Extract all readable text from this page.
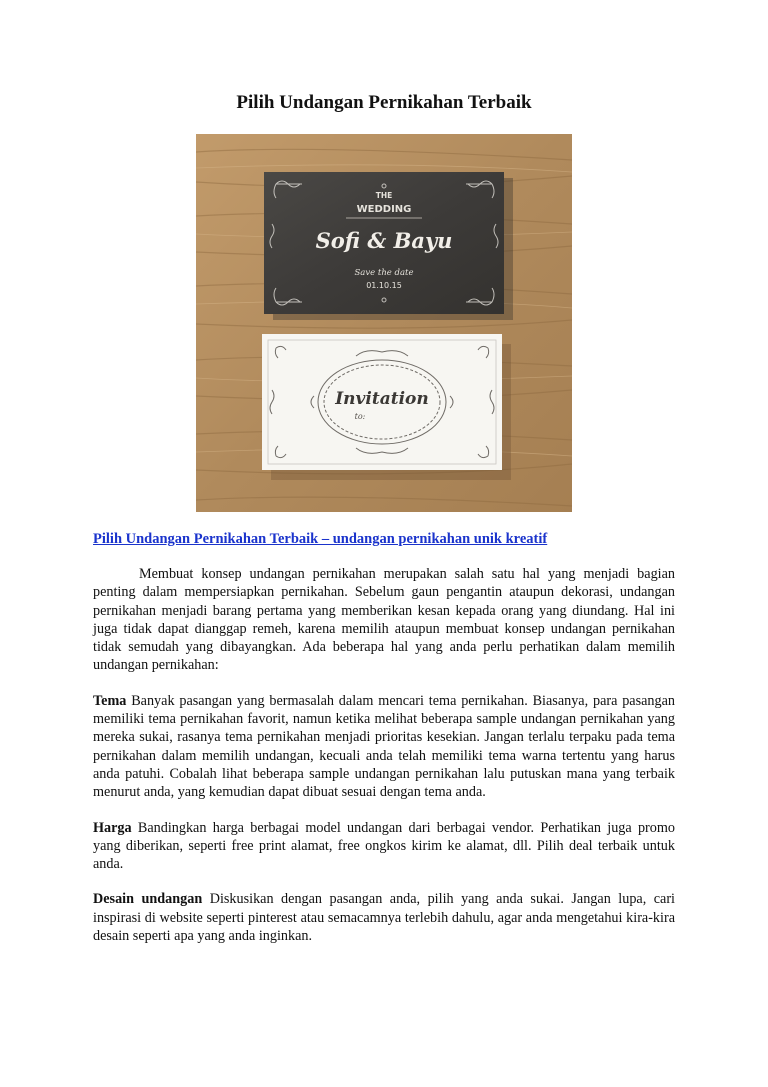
Pilih Undangan Pernikahan Terbaik
THE
WEDDING
Sofi & Bayu
Save the date
01.10.15
Invitation
to:
Pilih Undangan Pernikahan Terbaik – undangan pernikahan unik kreatif

Membuat konsep undangan pernikahan merupakan salah satu hal yang menjadi bagian penting dalam mempersiapkan pernikahan. Sebelum gaun pengantin ataupun dekorasi, undangan pernikahan menjadi barang pertama yang memberikan kesan kepada orang yang diundang. Hal ini juga tidak dapat dianggap remeh, karena memilih ataupun membuat konsep undangan pernikahan tidak semudah yang dibayangkan. Ada beberapa hal yang anda perlu perhatikan dalam memilih undangan pernikahan:

Tema Banyak pasangan yang bermasalah dalam mencari tema pernikahan. Biasanya, para pasangan memiliki tema pernikahan favorit, namun ketika melihat beberapa sample undangan pernikahan yang mereka sukai, rasanya tema pernikahan menjadi prioritas kesekian. Jangan terlalu terpaku pada tema pernikahan dalam memilih undangan, kecuali anda telah memiliki tema warna tertentu yang harus anda patuhi. Cobalah lihat beberapa sample undangan pernikahan lalu putuskan mana yang terbaik menurut anda, yang kemudian dapat dibuat sesuai dengan tema anda.

Harga Bandingkan harga berbagai model undangan dari berbagai vendor. Perhatikan juga promo yang diberikan, seperti free print alamat, free ongkos kirim ke alamat, dll. Pilih deal terbaik untuk anda.

Desain undangan Diskusikan dengan pasangan anda, pilih yang anda sukai. Jangan lupa, cari inspirasi di website seperti pinterest atau semacamnya terlebih dahulu, agar anda mengetahui kira-kira desain seperti apa yang anda inginkan.
